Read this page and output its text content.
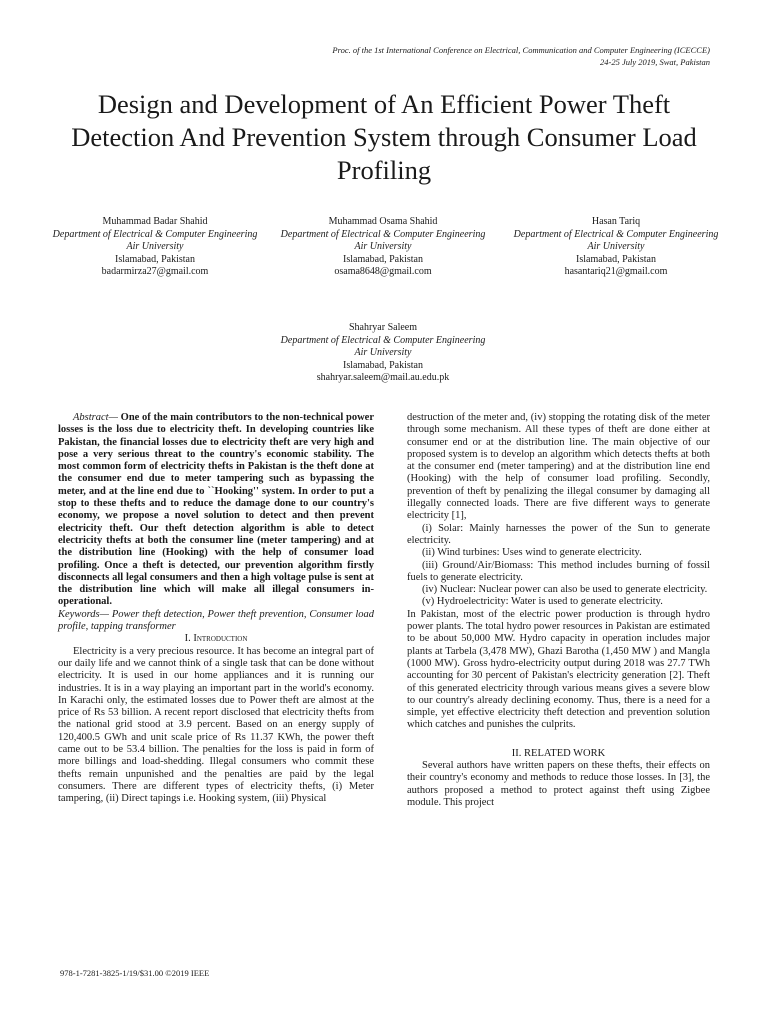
Proc. of the 1st International Conference on Electrical, Communication and Computer Engineering (ICECCE)
24-25 July 2019, Swat, Pakistan
Design and Development of An Efficient Power Theft Detection And Prevention System through Consumer Load Profiling
Muhammad Badar Shahid
Department of Electrical & Computer Engineering
Air University
Islamabad, Pakistan
badarmirza27@gmail.com
Muhammad Osama Shahid
Department of Electrical & Computer Engineering
Air University
Islamabad, Pakistan
osama8648@gmail.com
Hasan Tariq
Department of Electrical & Computer Engineering
Air University
Islamabad, Pakistan
hasantariq21@gmail.com
Shahryar Saleem
Department of Electrical & Computer Engineering
Air University
Islamabad, Pakistan
shahryar.saleem@mail.au.edu.pk

Abstract— One of the main contributors to the non-technical power losses is the loss due to electricity theft. In developing countries like Pakistan, the financial losses due to electricity theft are very high and pose a very serious threat to the country's economic stability. The most common form of electricity thefts in Pakistan is the theft done at the consumer end due to meter tampering such as bypassing the meter, and at the line end due to ``Hooking'' system. In order to put a stop to these thefts and to reduce the damage done to our country's economy, we propose a novel solution to detect and then prevent electricity theft. Our theft detection algorithm is able to detect electricity thefts at both the consumer line (meter tampering) and at the distribution line (Hooking) with the help of consumer load profiling. Once a theft is detected, our prevention algorithm firstly disconnects all legal consumers and then a high voltage pulse is sent at the distribution line which will make all illegal consumers in-operational.

Keywords— Power theft detection, Power theft prevention, Consumer load profile, tapping transformer

I. Introduction

Electricity is a very precious resource. It has become an integral part of our daily life and we cannot think of a single task that can be done without electricity. It is used in our home appliances and it is running our industries. It is in a way playing an important part in the world's economy. In Karachi only, the estimated losses due to Power theft are almost at the price of Rs 53 billion. A recent report disclosed that electricity thefts from the national grid stood at 3.9 percent. Based on an energy supply of 120,400.5 GWh and unit scale price of Rs 11.37 KWh, the power theft came out to be 53.4 billion. The penalties for the loss is paid in form of more billings and load-shedding. Illegal consumers who commit these thefts remain unpunished and the penalties are paid by the legal consumers. There are different types of electricity thefts, (i) Meter tampering, (ii) Direct tapings i.e. Hooking system, (iii) Physical

destruction of the meter and, (iv) stopping the rotating disk of the meter through some mechanism. All these types of theft are done either at consumer end or at the distribution line. The main objective of our proposed system is to develop an algorithm which detects thefts at both at the consumer end (meter tampering) and at the distribution line end (Hooking) with the help of consumer load profiling. Secondly, prevention of theft by penalizing the illegal consumer by damaging all illegally connected loads. There are five different ways to generate electricity [1],

(i) Solar: Mainly harnesses the power of the Sun to generate electricity.

(ii) Wind turbines: Uses wind to generate electricity.

(iii) Ground/Air/Biomass: This method includes burning of fossil fuels to generate electricity.

(iv) Nuclear: Nuclear power can also be used to generate electricity.

(v) Hydroelectricity: Water is used to generate electricity.

In Pakistan, most of the electric power production is through hydro power plants. The total hydro power resources in Pakistan are estimated to be about 50,000 MW. Hydro capacity in operation includes major plants at Tarbela (3,478 MW), Ghazi Barotha (1,450 MW ) and Mangla (1000 MW). Gross hydro-electricity output during 2018 was 27.7 TWh accounting for 30 percent of Pakistan's electricity generation [2]. Theft of this generated electricity through various means gives a severe blow to our country's already declining economy. Thus, there is a need for a simple, yet effective electricity theft detection and prevention solution which catches and punishes the culprits.

II. RELATED WORK

Several authors have written papers on these thefts, their effects on their country's economy and methods to reduce those losses. In [3], the authors proposed a method to protect against theft using Zigbee module. This project

978-1-7281-3825-1/19/$31.00 ©2019 IEEE
